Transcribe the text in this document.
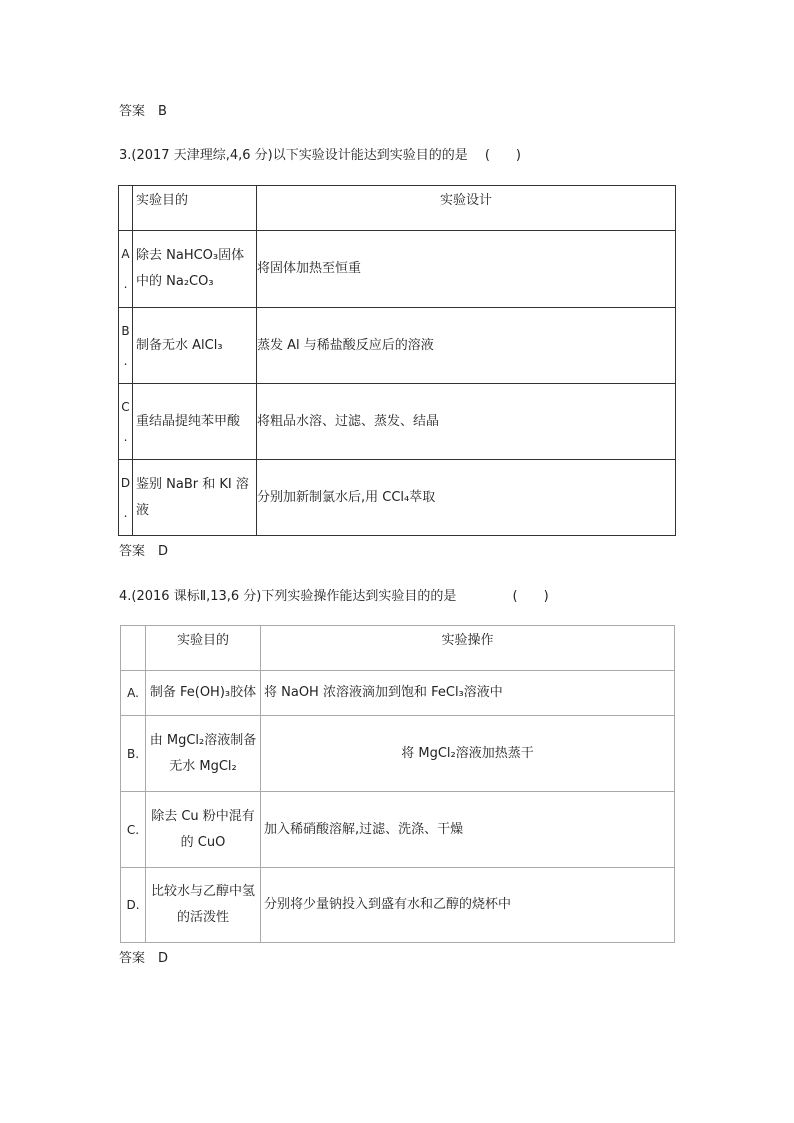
答案　B
3.(2017 天津理综,4,6 分)以下实验设计能达到实验目的的是　 (　　)
	实验目的	实验设计
A
.	除去 NaHCO₃固体中的 Na₂CO₃	将固体加热至恒重
B
.	制备无水 AlCl₃	蒸发 Al 与稀盐酸反应后的溶液
C
.	重结晶提纯苯甲酸	将粗品水溶、过滤、蒸发、结晶
D
.	鉴别 NaBr 和 KI 溶液	分别加新制氯水后,用 CCl₄萃取
答案　D
4.(2016 课标Ⅱ,13,6 分)下列实验操作能达到实验目的的是　　　　 (　　)
	实验目的	实验操作
A.	制备 Fe(OH)₃胶体	将 NaOH 浓溶液滴加到饱和 FeCl₃溶液中
B.	由 MgCl₂溶液制备无水 MgCl₂	将 MgCl₂溶液加热蒸干
C.	除去 Cu 粉中混有的 CuO	加入稀硝酸溶解,过滤、洗涤、干燥
D.	比较水与乙醇中氢的活泼性	分别将少量钠投入到盛有水和乙醇的烧杯中
答案　D
